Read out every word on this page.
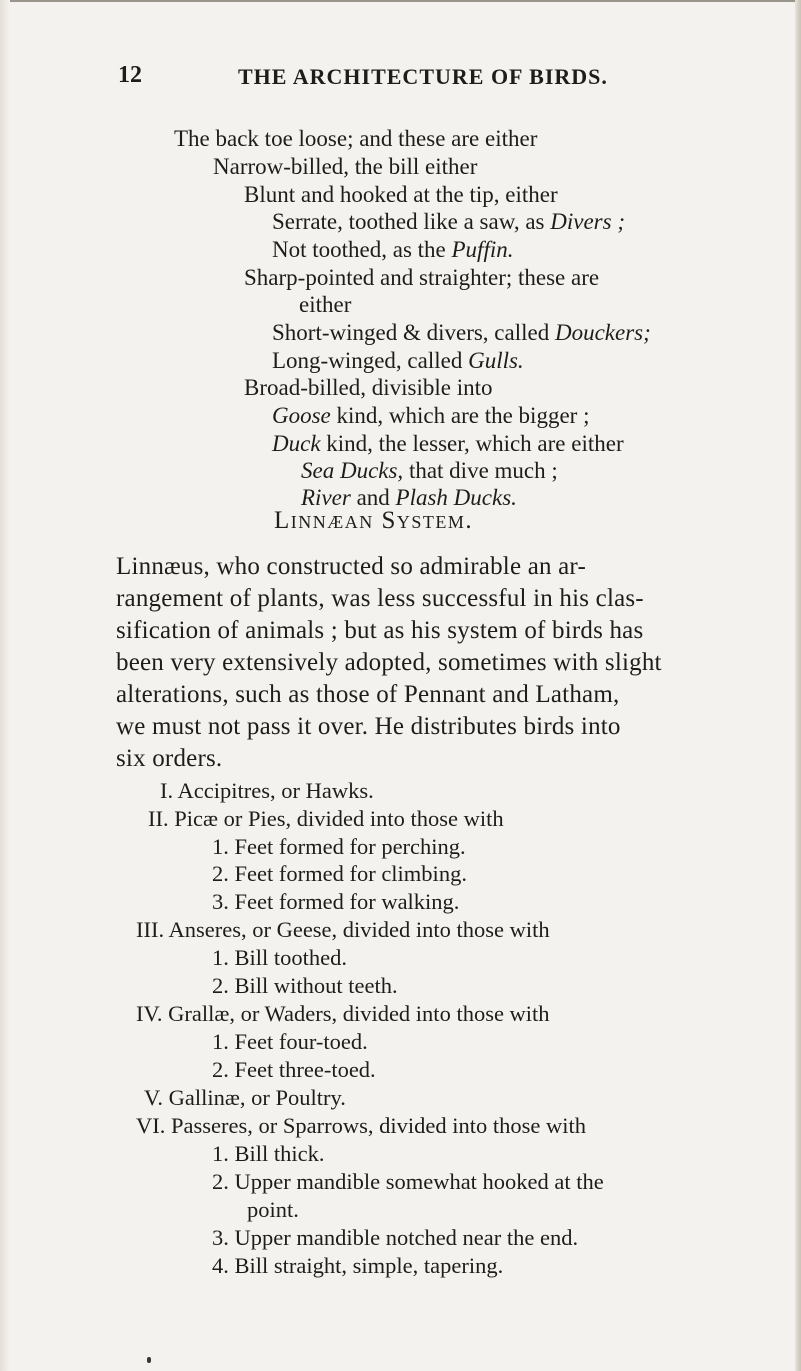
12	THE ARCHITECTURE OF BIRDS.
The back toe loose; and these are either
Narrow-billed, the bill either
Blunt and hooked at the tip, either
Serrate, toothed like a saw, as Divers ;
Not toothed, as the Puffin.
Sharp-pointed and straighter; these are
either
Short-winged & divers, called Douckers;
Long-winged, called Gulls.
Broad-billed, divisible into
Goose kind, which are the bigger ;
Duck kind, the lesser, which are either
Sea Ducks, that dive much ;
River and Plash Ducks.
Linnæan System.
Linnæus, who constructed so admirable an ar-
rangement of plants, was less successful in his clas-
sification of animals ; but as his system of birds has
been very extensively adopted, sometimes with slight
alterations, such as those of Pennant and Latham,
we must not pass it over. He distributes birds into
six orders.
I. Accipitres, or Hawks.
II. Picæ or Pies, divided into those with
1. Feet formed for perching.
2. Feet formed for climbing.
3. Feet formed for walking.
III. Anseres, or Geese, divided into those with
1. Bill toothed.
2. Bill without teeth.
IV. Grallæ, or Waders, divided into those with
1. Feet four-toed.
2. Feet three-toed.
V. Gallinæ, or Poultry.
VI. Passeres, or Sparrows, divided into those with
1. Bill thick.
2. Upper mandible somewhat hooked at the
point.
3. Upper mandible notched near the end.
4. Bill straight, simple, tapering.
